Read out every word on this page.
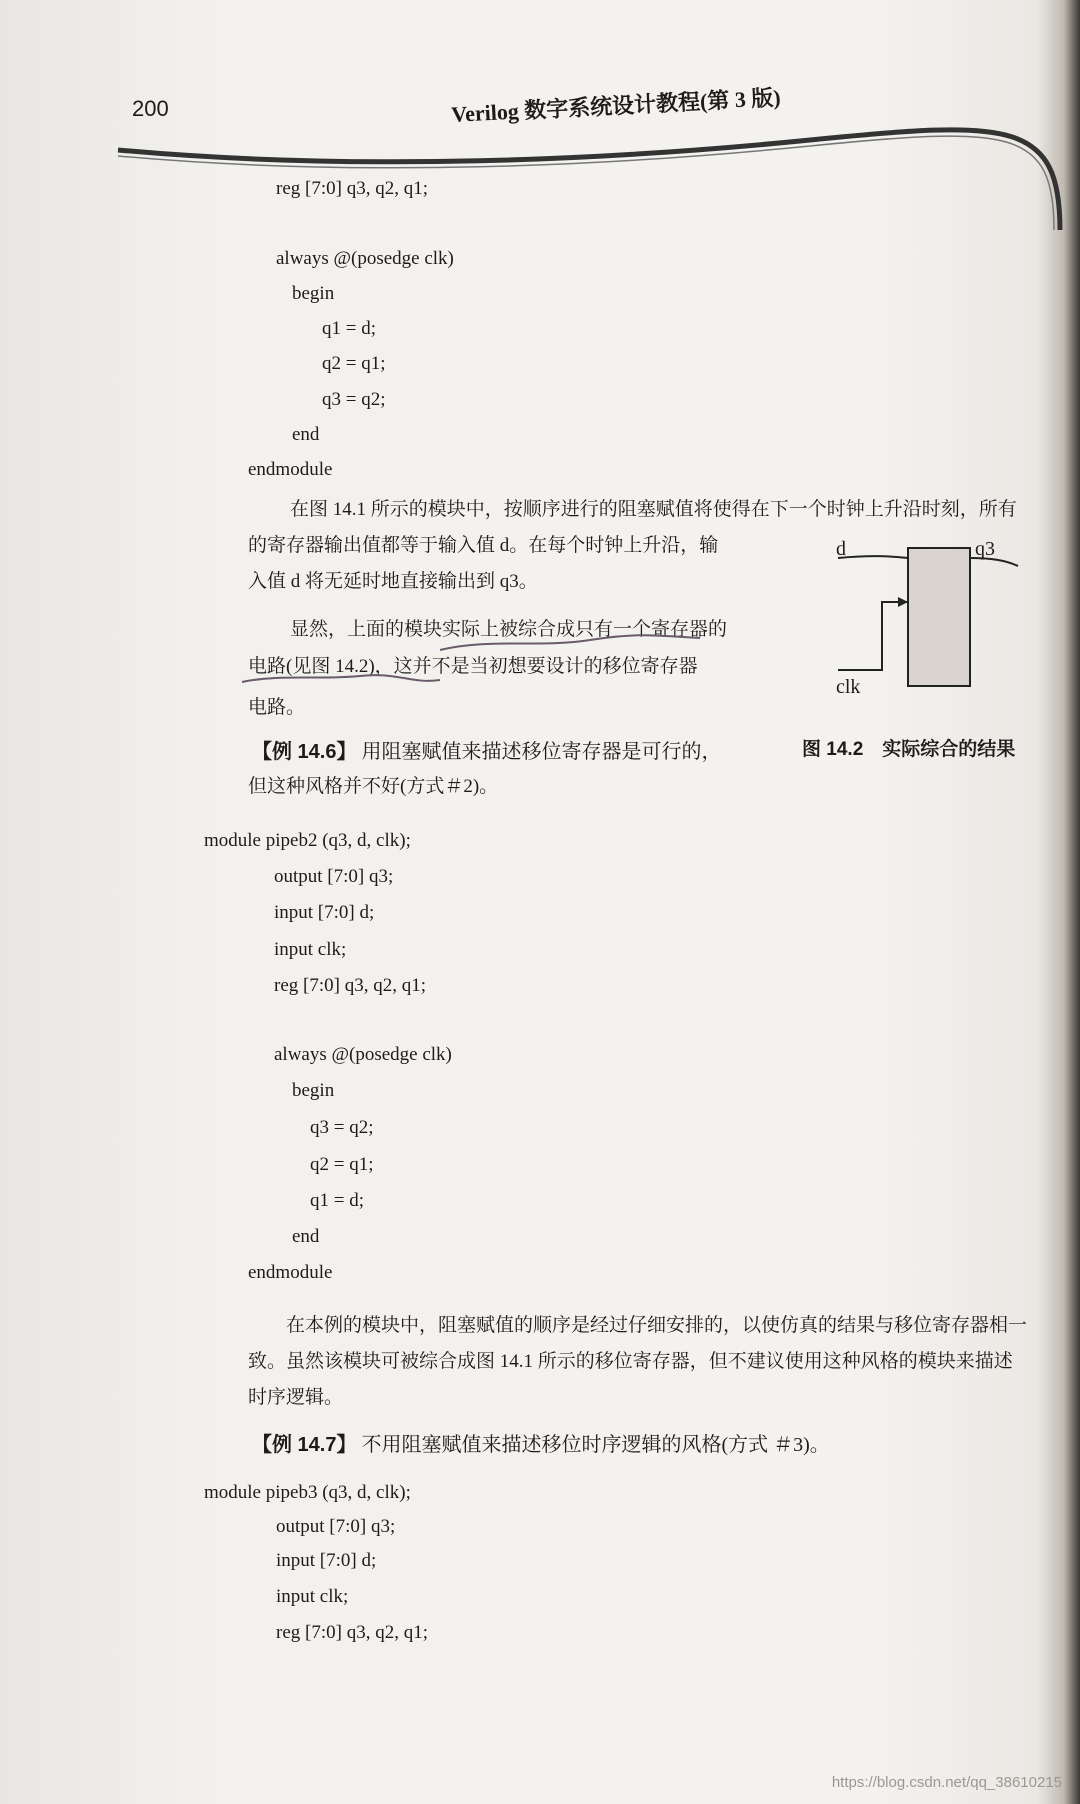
200	Verilog 数字系统设计教程(第 3 版)
reg [7:0] q3, q2, q1;
always @(posedge clk)
begin
q1 = d;
q2 = q1;
q3 = q2;
end
endmodule
在图 14.1 所示的模块中，按顺序进行的阻塞赋值将使得在下一个时钟上升沿时刻，所有
的寄存器输出值都等于输入值 d。在每个时钟上升沿，输
入值 d 将无延时地直接输出到 q3。
显然，上面的模块实际上被综合成只有一个寄存器的
电路(见图 14.2)，这并不是当初想要设计的移位寄存器
电路。
d	q3
clk
图 14.2　实际综合的结果
【例 14.6】 用阻塞赋值来描述移位寄存器是可行的，
但这种风格并不好(方式＃2)。
module pipeb2 (q3, d, clk);
output [7:0] q3;
input [7:0] d;
input clk;
reg [7:0] q3, q2, q1;
always @(posedge clk)
begin
q3 = q2;
q2 = q1;
q1 = d;
end
endmodule
在本例的模块中，阻塞赋值的顺序是经过仔细安排的，以使仿真的结果与移位寄存器相一
致。虽然该模块可被综合成图 14.1 所示的移位寄存器，但不建议使用这种风格的模块来描述
时序逻辑。
【例 14.7】 不用阻塞赋值来描述移位时序逻辑的风格(方式 ＃3)。
module pipeb3 (q3, d, clk);
output [7:0] q3;
input [7:0] d;
input clk;
reg [7:0] q3, q2, q1;
https://blog.csdn.net/qq_38610215
